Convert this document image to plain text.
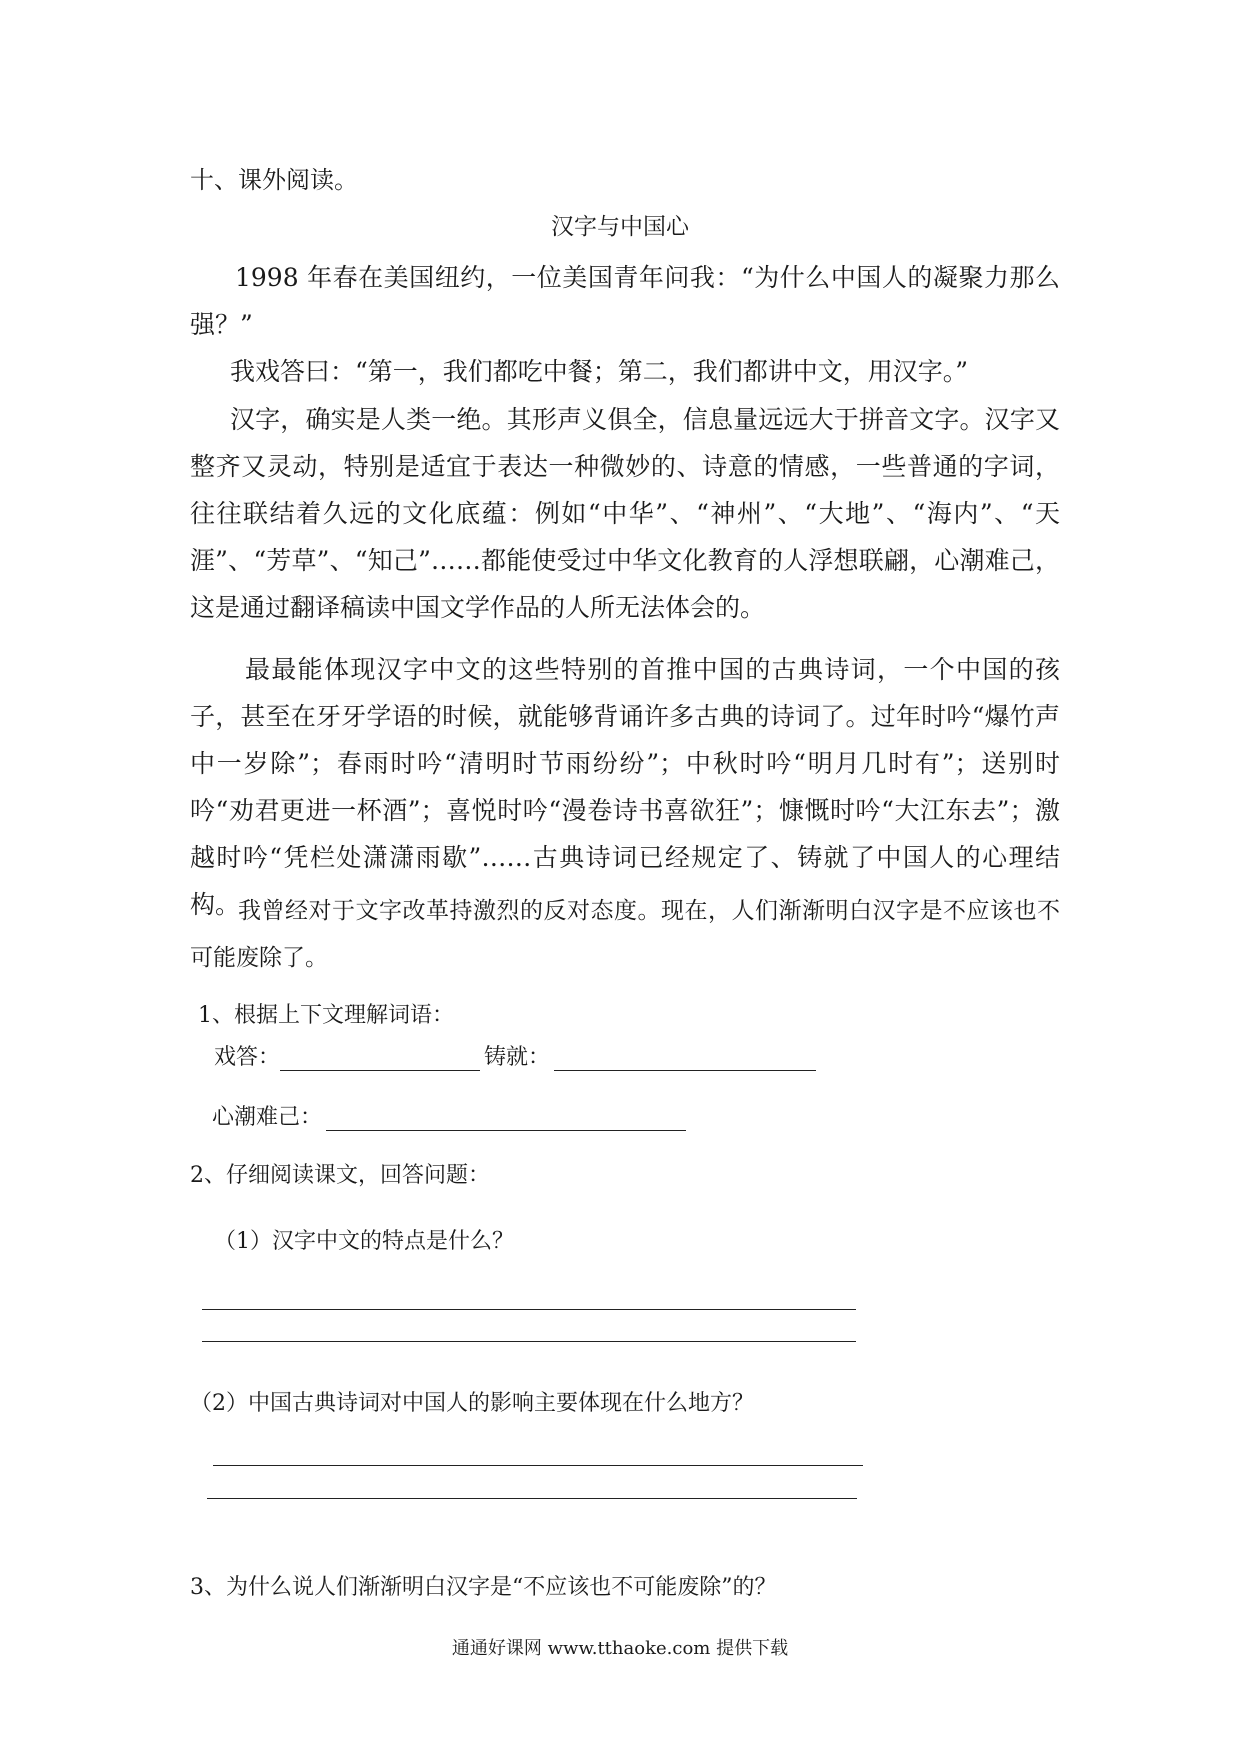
十、课外阅读。
汉字与中国心
1998 年春在美国纽约，一位美国青年问我：“为什么中国人的凝聚力那么强？”
我戏答曰：“第一，我们都吃中餐；第二，我们都讲中文，用汉字。”
汉字，确实是人类一绝。其形声义俱全，信息量远远大于拼音文字。汉字又整齐又灵动，特别是适宜于表达一种微妙的、诗意的情感，一些普通的字词，往往联结着久远的文化底蕴：例如“中华”、“神州”、“大地”、“海内”、“天涯”、“芳草”、“知己”……都能使受过中华文化教育的人浮想联翩，心潮难己，这是通过翻译稿读中国文学作品的人所无法体会的。
最最能体现汉字中文的这些特别的首推中国的古典诗词，一个中国的孩子，甚至在牙牙学语的时候，就能够背诵许多古典的诗词了。过年时吟“爆竹声中一岁除”；春雨时吟“清明时节雨纷纷”；中秋时吟“明月几时有”；送别时吟“劝君更进一杯酒”；喜悦时吟“漫卷诗书喜欲狂”；慷慨时吟“大江东去”；激越时吟“凭栏处潇潇雨歇”……古典诗词已经规定了、铸就了中国人的心理结构。
我曾经对于文字改革持激烈的反对态度。现在，人们渐渐明白汉字是不应该也不可能废除了。
1、根据上下文理解词语：
戏答：	铸就：
心潮难己：
2、仔细阅读课文，回答问题：
（1）汉字中文的特点是什么？
（2）中国古典诗词对中国人的影响主要体现在什么地方？
3、为什么说人们渐渐明白汉字是“不应该也不可能废除”的？
通通好课网 www.tthaoke.com 提供下载
